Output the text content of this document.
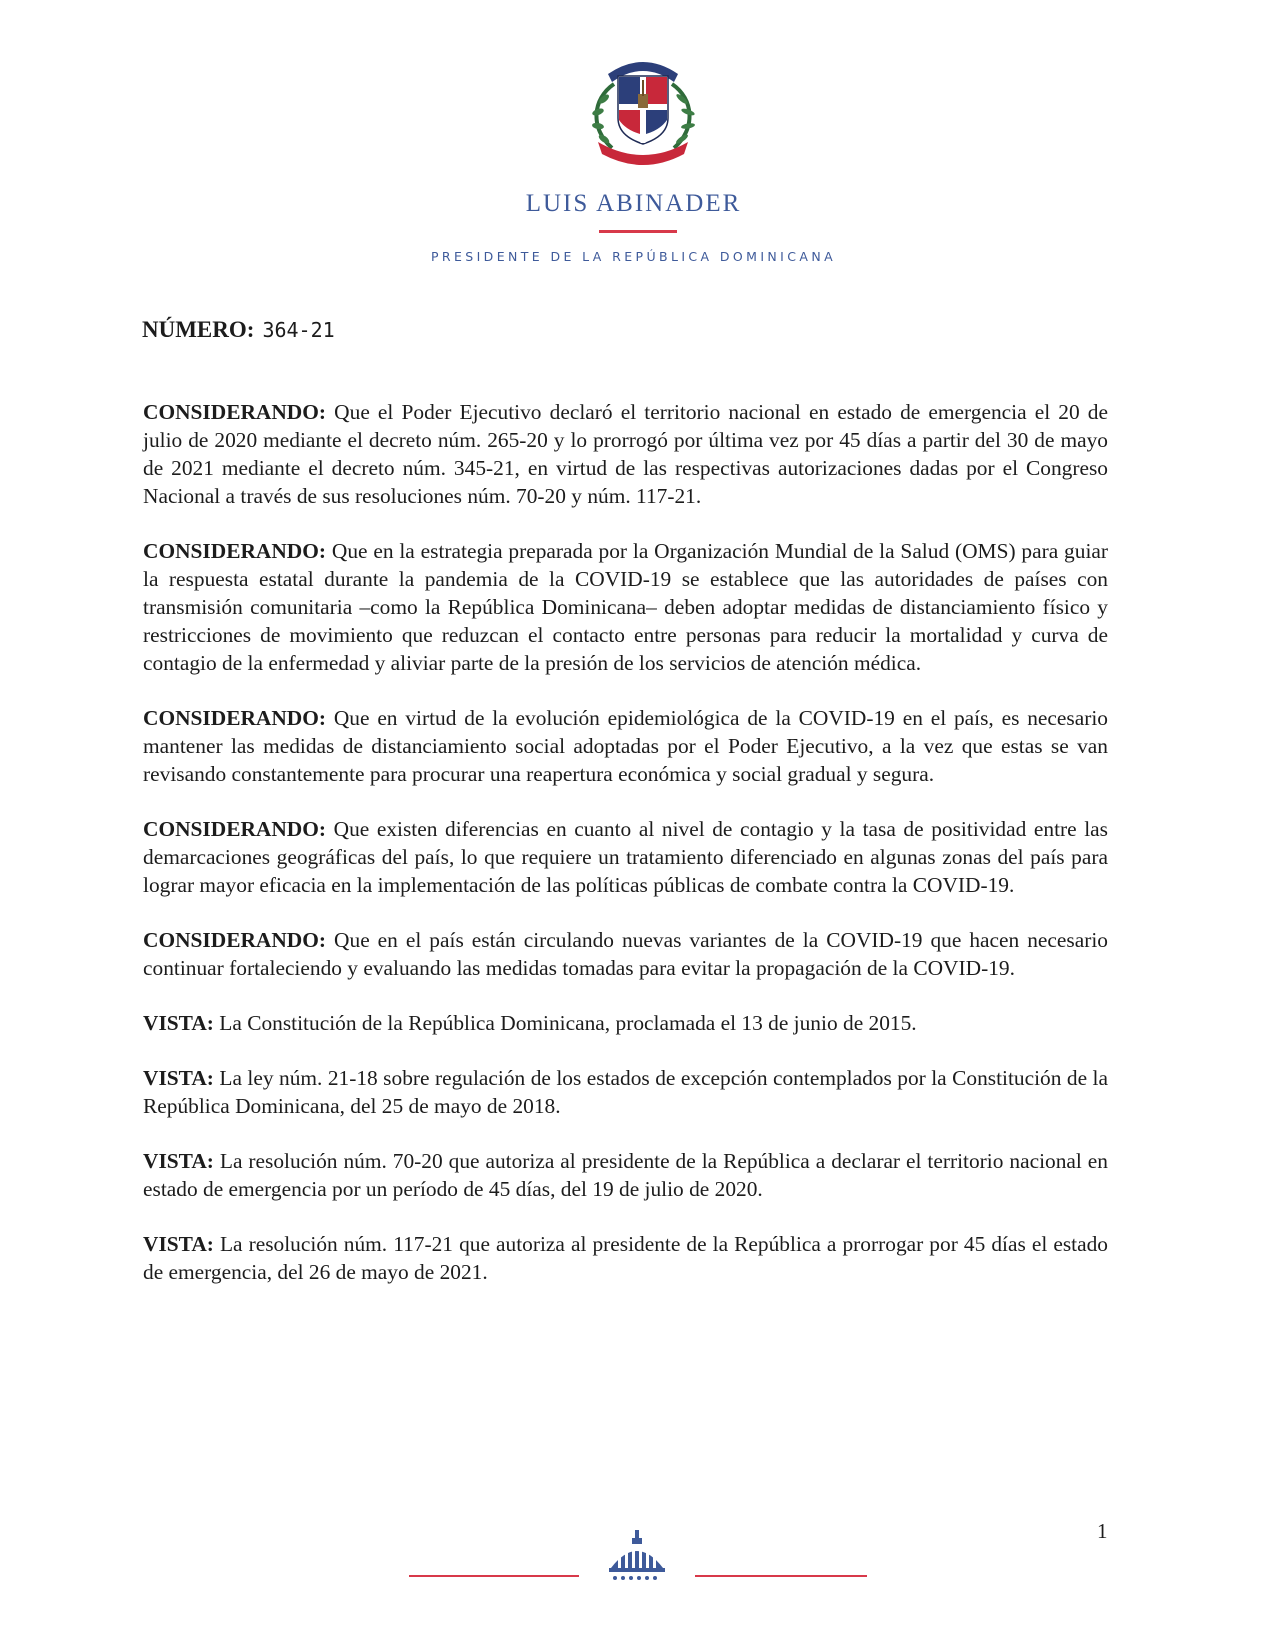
LUIS ABINADER
PRESIDENTE DE LA REPÚBLICA DOMINICANA
NÚMERO: 364-21

CONSIDERANDO: Que el Poder Ejecutivo declaró el territorio nacional en estado de emergencia el 20 de julio de 2020 mediante el decreto núm. 265-20 y lo prorrogó por última vez por 45 días a partir del 30 de mayo de 2021 mediante el decreto núm. 345-21, en virtud de las respectivas autorizaciones dadas por el Congreso Nacional a través de sus resoluciones núm. 70-20 y núm. 117-21.

CONSIDERANDO: Que en la estrategia preparada por la Organización Mundial de la Salud (OMS) para guiar la respuesta estatal durante la pandemia de la COVID-19 se establece que las autoridades de países con transmisión comunitaria –como la República Dominicana– deben adoptar medidas de distanciamiento físico y restricciones de movimiento que reduzcan el contacto entre personas para reducir la mortalidad y curva de contagio de la enfermedad y aliviar parte de la presión de los servicios de atención médica.

CONSIDERANDO: Que en virtud de la evolución epidemiológica de la COVID-19 en el país, es necesario mantener las medidas de distanciamiento social adoptadas por el Poder Ejecutivo, a la vez que estas se van revisando constantemente para procurar una reapertura económica y social gradual y segura.

CONSIDERANDO: Que existen diferencias en cuanto al nivel de contagio y la tasa de positividad entre las demarcaciones geográficas del país, lo que requiere un tratamiento diferenciado en algunas zonas del país para lograr mayor eficacia en la implementación de las políticas públicas de combate contra la COVID-19.

CONSIDERANDO: Que en el país están circulando nuevas variantes de la COVID-19 que hacen necesario continuar fortaleciendo y evaluando las medidas tomadas para evitar la propagación de la COVID-19.

VISTA: La Constitución de la República Dominicana, proclamada el 13 de junio de 2015.

VISTA: La ley núm. 21-18 sobre regulación de los estados de excepción contemplados por la Constitución de la República Dominicana, del 25 de mayo de 2018.

VISTA: La resolución núm. 70-20 que autoriza al presidente de la República a declarar el territorio nacional en estado de emergencia por un período de 45 días, del 19 de julio de 2020.

VISTA: La resolución núm. 117-21 que autoriza al presidente de la República a prorrogar por 45 días el estado de emergencia, del 26 de mayo de 2021.

1
